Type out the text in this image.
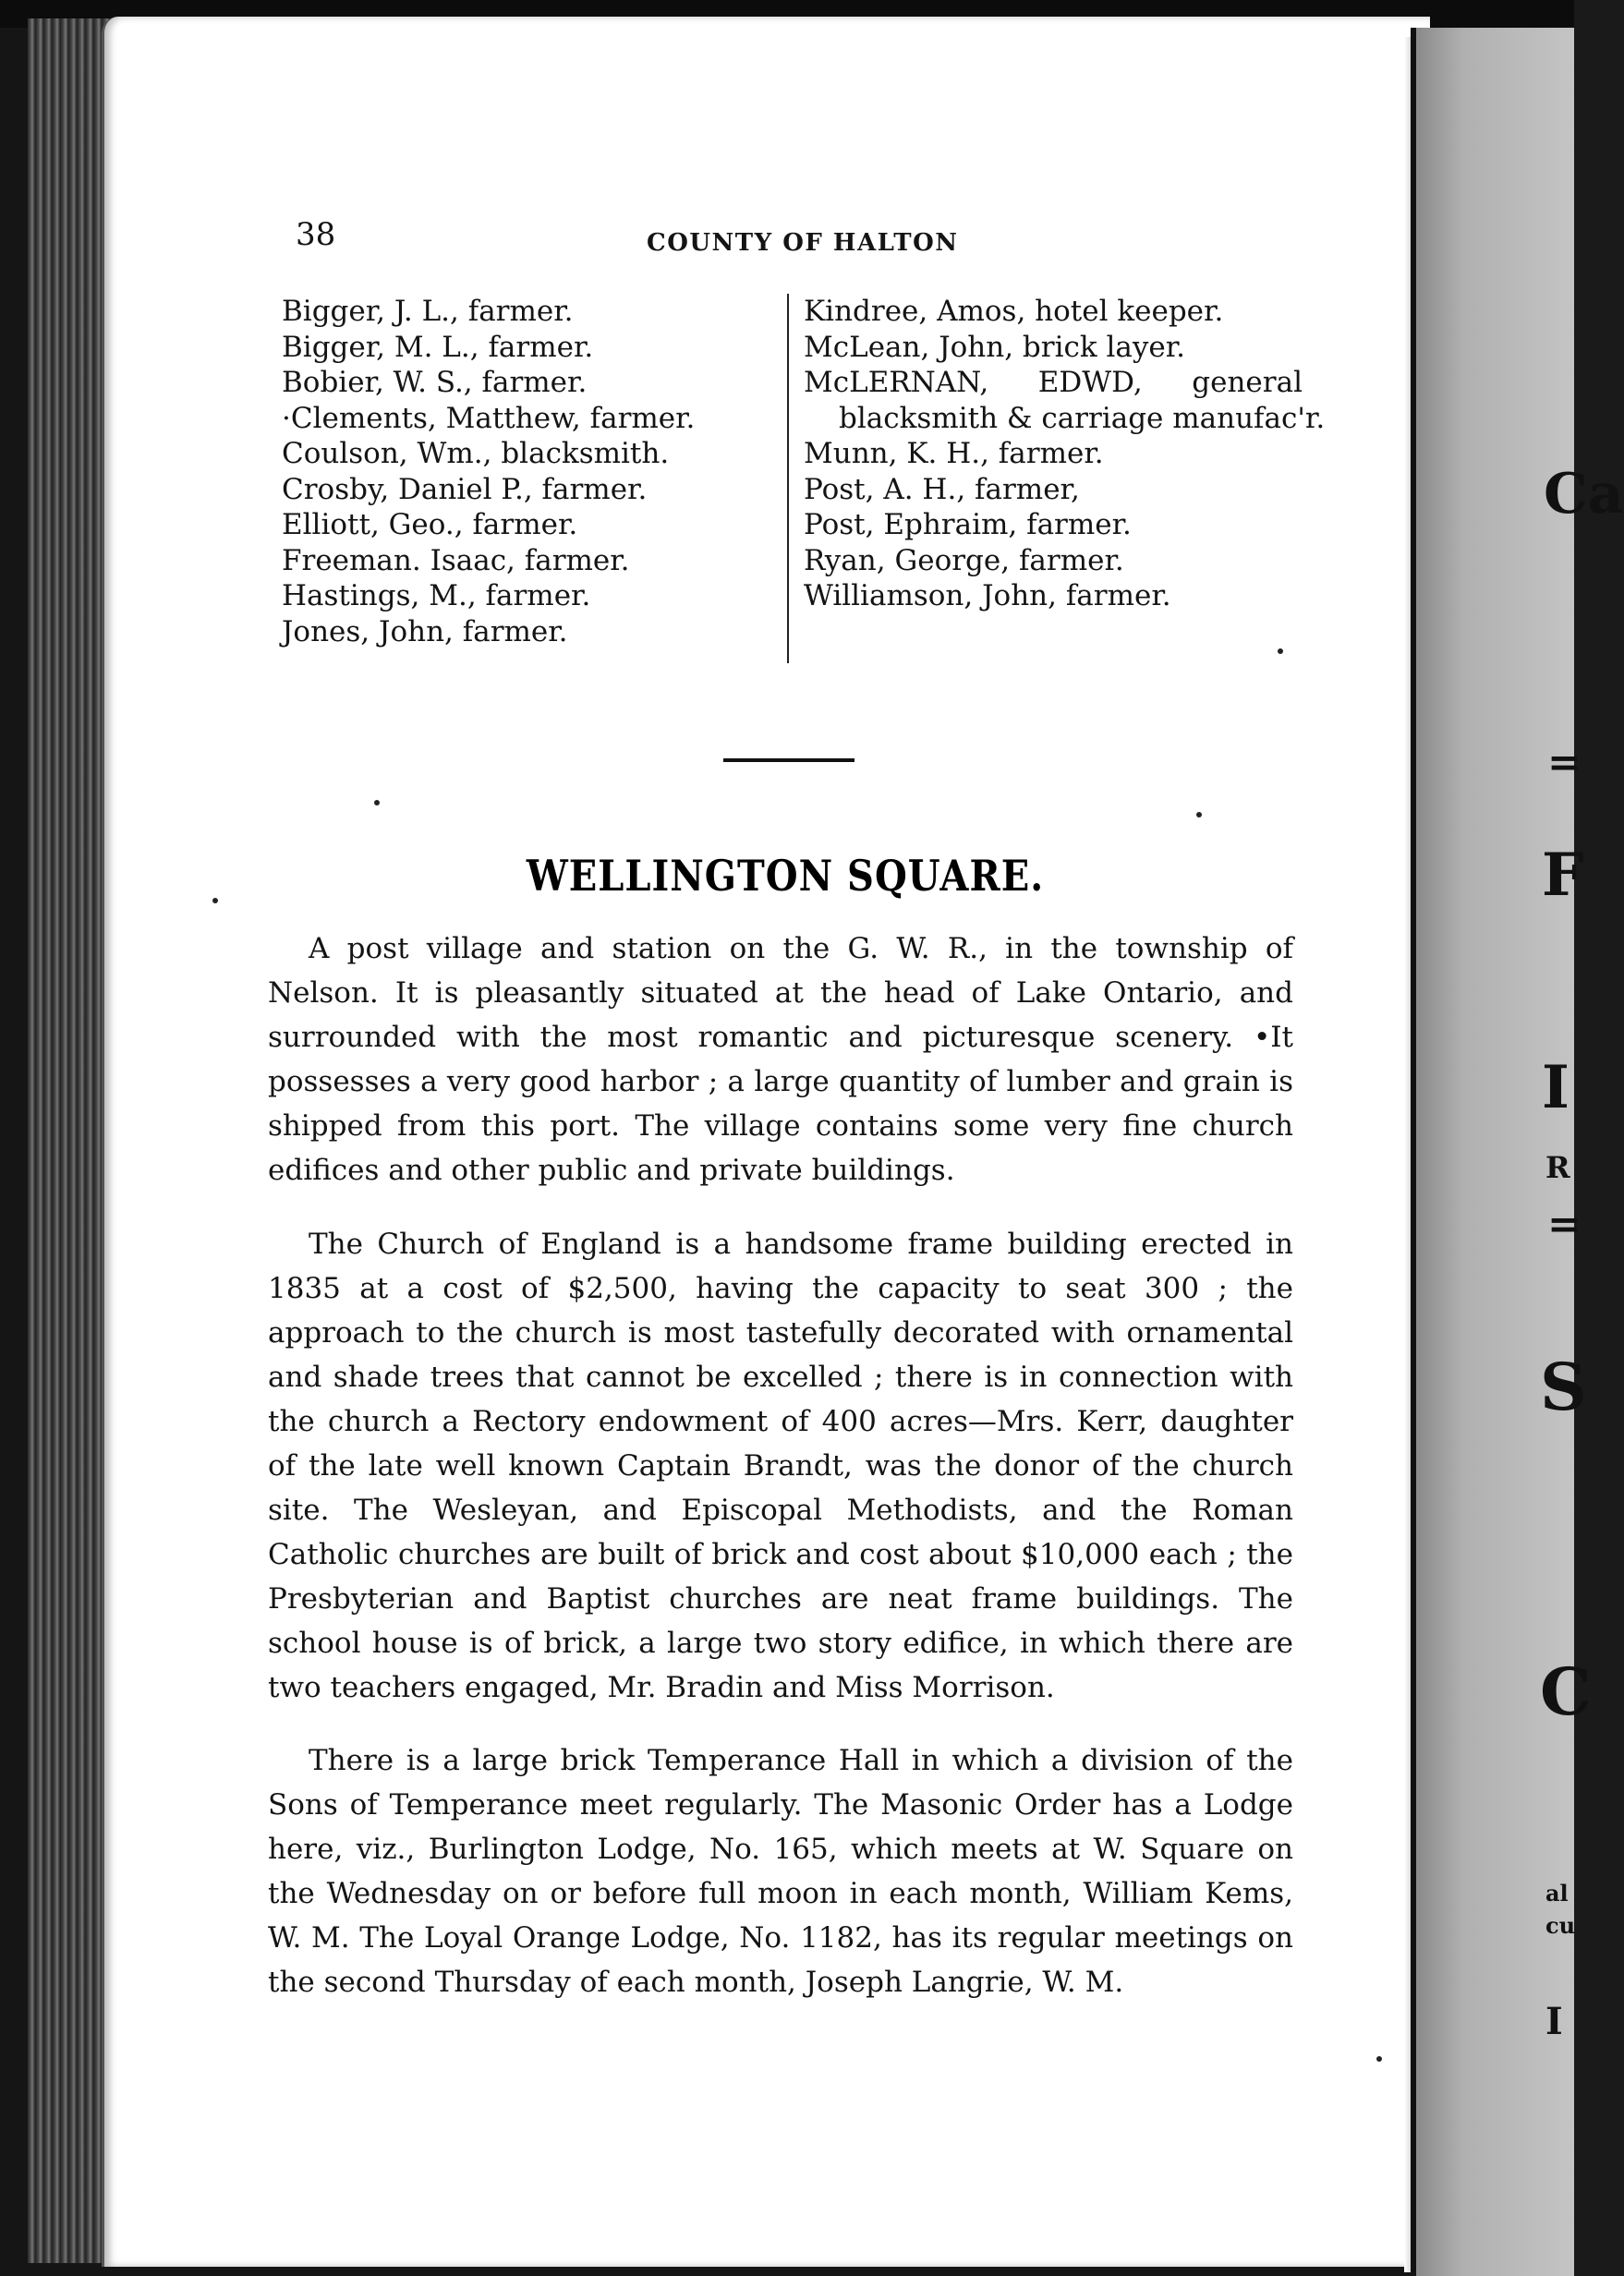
Ca
=
F
I
R
=
S
C
al
cu
I
38	COUNTY OF HALTON
Bigger, J. L., farmer.
Bigger, M. L., farmer.
Bobier, W. S., farmer.
·Clements, Matthew, farmer.
Coulson, Wm., blacksmith.
Crosby, Daniel P., farmer.
Elliott, Geo., farmer.
Freeman. Isaac, farmer.
Hastings, M., farmer.
Jones, John, farmer.
Kindree, Amos, hotel keeper.
McLean, John, brick layer.
McLERNAN, EDWD, general
blacksmith & carriage manufac'r.
Munn, K. H., farmer.
Post, A. H., farmer,
Post, Ephraim, farmer.
Ryan, George, farmer.
Williamson, John, farmer.
WELLINGTON SQUARE.
A post village and station on the G. W. R., in the township of Nelson. It is pleasantly situated at the head of Lake Ontario, and surrounded with the most romantic and picturesque scenery. •It possesses a very good harbor ; a large quantity of lumber and grain is shipped from this port. The village contains some very fine church edifices and other public and private buildings.
The Church of England is a handsome frame building erected in 1835 at a cost of $2,500, having the capacity to seat 300 ; the approach to the church is most tastefully decorated with ornamental and shade trees that cannot be excelled ; there is in connection with the church a Rectory endowment of 400 acres—Mrs. Kerr, daughter of the late well known Captain Brandt, was the donor of the church site. The Wesleyan, and Episcopal Methodists, and the Roman Catholic churches are built of brick and cost about $10,000 each ; the Presbyterian and Baptist churches are neat frame buildings. The school house is of brick, a large two story edifice, in which there are two teachers engaged, Mr. Bradin and Miss Morrison.
There is a large brick Temperance Hall in which a division of the Sons of Temperance meet regularly. The Masonic Order has a Lodge here, viz., Burlington Lodge, No. 165, which meets at W. Square on the Wednesday on or before full moon in each month, William Kems, W. M. The Loyal Orange Lodge, No. 1182, has its regular meetings on the second Thursday of each month, Joseph Langrie, W. M.
